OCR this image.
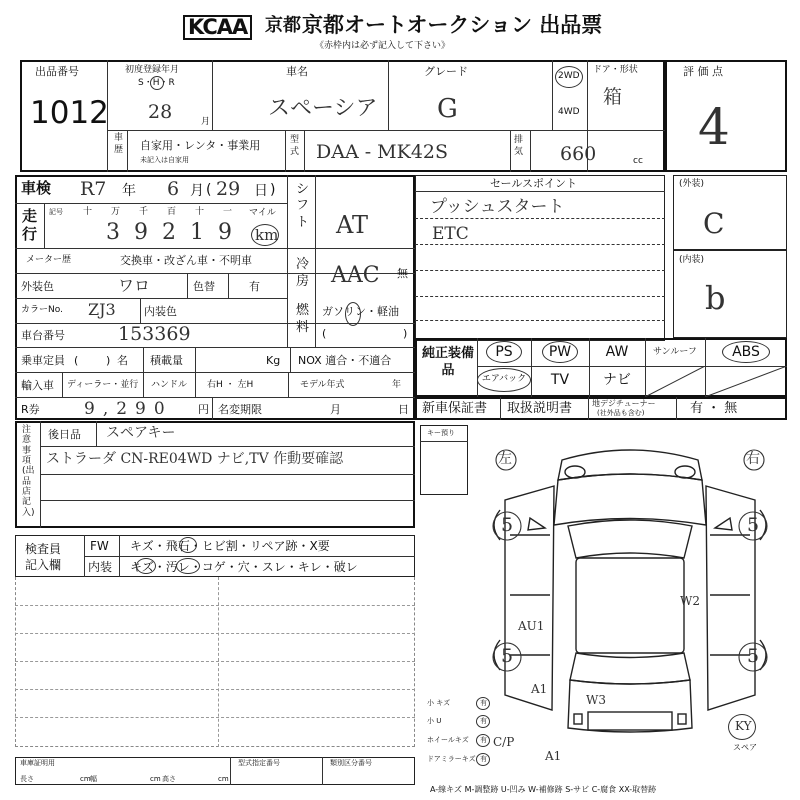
KCAA 京都 京都オートオークション 出品票
《赤枠内は必ず記入して下さい》
出品番号
1012
初度登録年月
S・H・R
28	月
車名
スペーシア
グレード
G
2WD
4WD
ドア・形状
箱
評 価 点
4
車歴 自家用・レンタ・事業用
未記入は自家用
型式 DAA - MK42S
排気 660	cc
車検 R7 年 6 月 ( 29 日 )
走行
記号 十 万 千 百 十 一 マイル
3 9 2 1 9 km
シフト AT
メーター歴	交換車・改ざん車・不明車	冷房 AAC 無
外装色	ワロ	色替	有
カラーNo. ZJ3	内装色	燃料
ガソリン・軽油
(	)
車台番号	153369
乗車定員 (	) 名 積載量	Kg NOX 適合・不適合
輸入車 ディーラー・並行 ハンドル 右H ・ 左H	モデル年式	年
R券	9,290 円 名変期限	月	日
セールスポイント
プッシュスタート
ETC
(外装)
C
(内装)
b
純正装備品
PS	PW	AW	サンルーフ	ABS
エアバック	TV	ナビ
新車保証書 取扱説明書 地デジチューナー
(社外品も含む)	有 ・ 無
注意事項(出品店記入)
後日品 スペアキー
ストラーダ CN-RE04WD ナビ,TV 作動要確認
キー預り
検査員記入欄
FW キズ・飛石・ヒビ割・リペア跡・X要
内装 キズ・汚レ・コゲ・穴・スレ・キレ・破レ
左	右
5	5
5	5
W2
AU1
A1
W3
A1
小 キズ
小 U
ホイールキズ
ドアミラーキズ
有
有
有
有
C/P
KY
スペア
車庫証明用
長さ	cm 幅	cm 高さ	cm
型式指定番号	類別区分番号
A-線キズ M-調整跡 U-凹み W-補修跡 S-サビ C-腐食 XX-取替跡
